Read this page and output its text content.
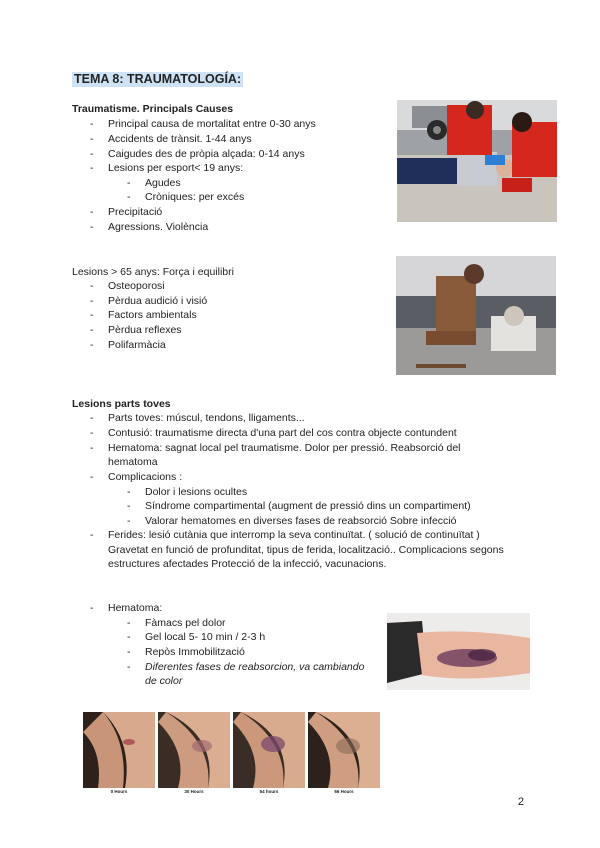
TEMA 8: TRAUMATOLOGÍA:
Traumatisme. Principals Causes
- Principal causa de mortalitat entre 0-30 anys
- Accidents de trànsit. 1-44 anys
- Caigudes des de pròpia alçada: 0-14 anys
- Lesions per esport< 19 anys:
- Agudes
- Cròniques: per excés
- Precipitació
- Agressions. Violència
Lesions > 65 anys: Força i equilibri
- Osteoporosi
- Pèrdua audició i visió
- Factors ambientals
- Pèrdua reflexes
- Polifarmàcia
Lesions parts toves
- Parts toves: múscul, tendons, lligaments...
- Contusió: traumatisme directa d'una part del cos contra objecte contundent
- Hematoma: sagnat local pel traumatisme. Dolor per pressió. Reabsorció del
hematoma
- Complicacions :
- Dolor i lesions ocultes
- Síndrome compartimental (augment de pressió dins un compartiment)
- Valorar hematomes en diverses fases de reabsorció Sobre infecció
- Ferides: lesió cutània que interromp la seva continuïtat. ( solució de continuïtat )
Gravetat en funció de profunditat, tipus de ferida, localització.. Complicacions segons
estructures afectades Protecció de la infecció, vacunacions.
- Hematoma:
- Fàmacs pel dolor
- Gel local 5- 10 min / 2-3 h
- Repòs Immobilització
- Diferentes fases de reabsorcion, va cambiando
de color
0 Hours	30 Hours	54 hours	66 Hours
2
